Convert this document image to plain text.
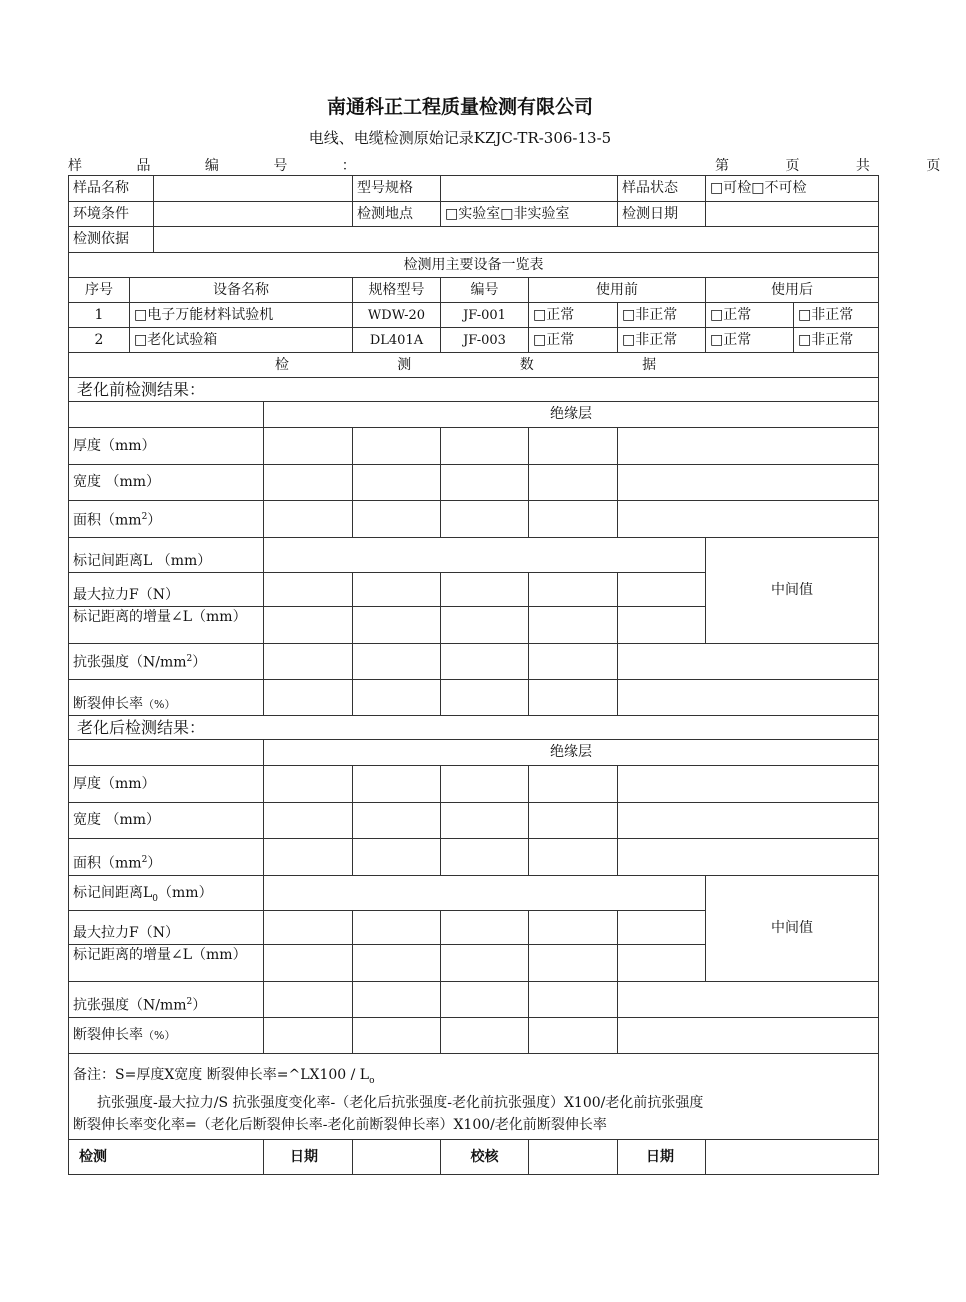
南通科正工程质量检测有限公司
电线、电缆检测原始记录KZJC-TR-306-13-5
样 品 编 号 ：	第 页 共 页
样品名称				型号规格			样品状态	□可检□不可检	
环境条件				检测地点	□实验室□非实验室		检测日期		
检测依据									
检测用主要设备一览表									
序号	设备名称			规格型号	编号	使用前		使用后	
1	□电子万能材料试验机			WDW-20	JF-001	□正常	□非正常	□正常	□非正常
2	□老化试验箱			DL401A	JF-003	□正常	□非正常	□正常	□非正常
检 测 数 据									
老化前检测结果：									
			绝缘层						
厚度（mm）									
宽度 （mm）									
面积$(mm^2)$									
标记间距离L （mm）								中间值	
最大拉力F（N）									
标记距离的增量∠L（mm）									
抗张强度$(N/mm^2)$									
断裂伸长率（%）									
老化后检测结果：									
			绝缘层						
厚度（mm）									
宽度 （mm）									
面积$(mm^2)$									
标记间距离$L_0(mm)$								中间值	
最大拉力F（N）									
标记距离的增量∠L（mm）									
抗张强度$(N/mm^2)$									
断裂伸长率（%）									

备注：S=厚度X宽度 断裂伸长率=^LX100 / $L_o$
抗张强度-最大拉力/S 抗张强度变化率-（老化后抗张强度-老化前抗张强度）X100/老化前抗张强度
断裂伸长率变化率=（老化后断裂伸长率-老化前断裂伸长率）X100/老化前断裂伸长率									

检测			日期		校核		日期		
